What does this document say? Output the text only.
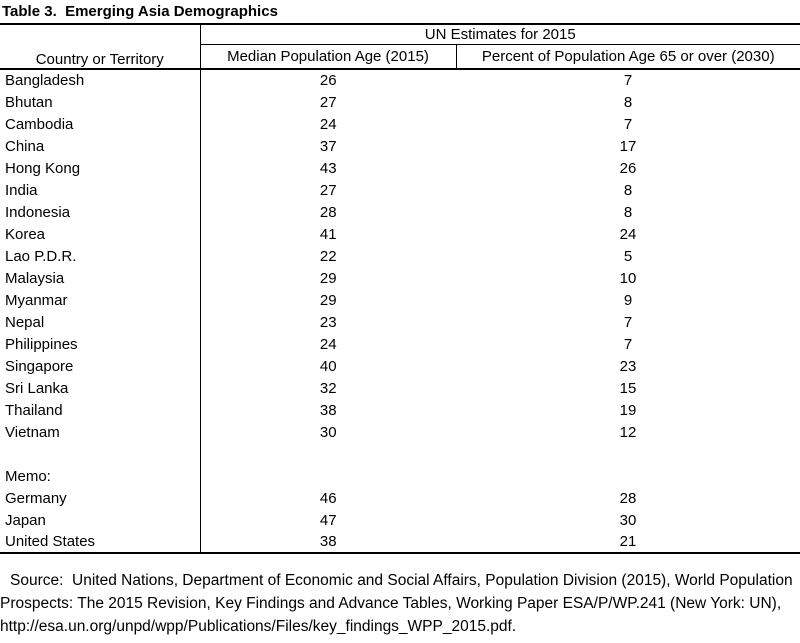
Table 3.  Emerging Asia Demographics
Country or Territory	UN Estimates for 2015	
	Median Population Age (2015)	Percent of Population Age 65 or over (2030)
Bangladesh	26	7
Bhutan	27	8
Cambodia	24	7
China	37	17
Hong Kong	43	26
India	27	8
Indonesia	28	8
Korea	41	24
Lao P.D.R.	22	5
Malaysia	29	10
Myanmar	29	9
Nepal	23	7
Philippines	24	7
Singapore	40	23
Sri Lanka	32	15
Thailand	38	19
Vietnam	30	12

Memo:		
Germany	46	28
Japan	47	30
United States	38	21
Source:  United Nations, Department of Economic and Social Affairs, Population Division (2015), World Population Prospects: The 2015 Revision, Key Findings and Advance Tables, Working Paper ESA/P/WP.241 (New York: UN), http://esa.un.org/unpd/wpp/Publications/Files/key_findings_WPP_2015.pdf.
